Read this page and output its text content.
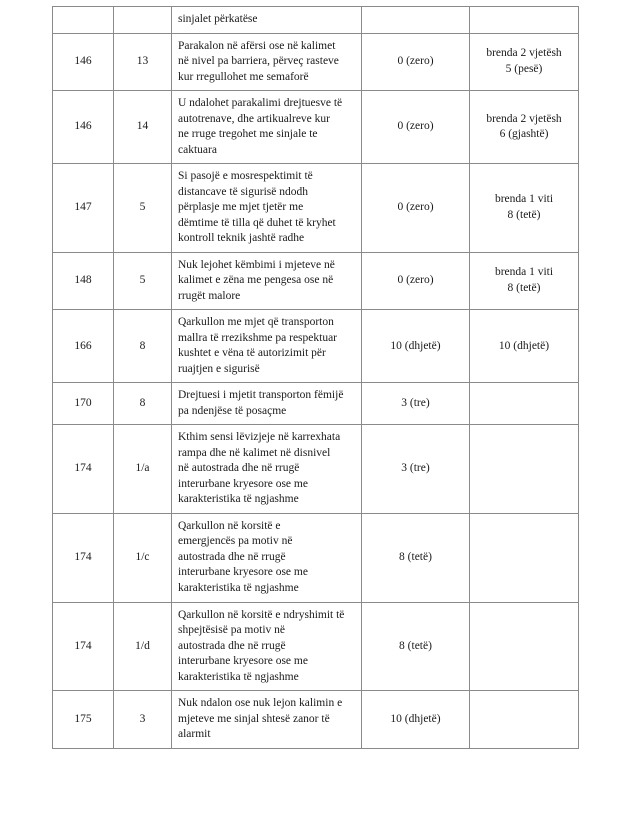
		sinjalet përkatëse		

146	13	Parakalon në afërsi ose në kalimet
në nivel pa barriera, përveç rasteve
kur rregullohet me semaforë	0 (zero)	brenda 2 vjetësh
5 (pesë)

146	14	U ndalohet parakalimi drejtuesve të
autotrenave, dhe artikualreve kur
ne rruge tregohet me sinjale te
caktuara	0 (zero)	brenda 2 vjetësh
6 (gjashtë)

147	5	Si pasojë e mosrespektimit të
distancave të sigurisë ndodh
përplasje me mjet tjetër me
dëmtime të tilla që duhet të kryhet
kontroll teknik jashtë radhe	0 (zero)	brenda 1 viti
8 (tetë)

148	5	Nuk lejohet këmbimi i mjeteve në
kalimet e zëna me pengesa ose në
rrugët malore	0 (zero)	brenda 1 viti
8 (tetë)

166	8	Qarkullon me mjet që transporton
mallra të rrezikshme pa respektuar
kushtet e vëna të autorizimit për
ruajtjen e sigurisë	10 (dhjetë)	10 (dhjetë)

170	8	Drejtuesi i mjetit transporton fëmijë
pa ndenjëse të posaçme	3 (tre)	
174	1/a	Kthim sensi lëvizjeje në karrexhata
rampa dhe në kalimet në disnivel
në autostrada dhe në rrugë
interurbane kryesore ose me
karakteristika të ngjashme	3 (tre)	
174	1/c	Qarkullon në korsitë e
emergjencës pa motiv në
autostrada dhe në rrugë
interurbane kryesore ose me
karakteristika të ngjashme	8 (tetë)	
174	1/d	Qarkullon në korsitë e ndryshimit të
shpejtësisë pa motiv në
autostrada dhe në rrugë
interurbane kryesore ose me
karakteristika të ngjashme	8 (tetë)	
175	3	Nuk ndalon ose nuk lejon kalimin e
mjeteve me sinjal shtesë zanor të
alarmit	10 (dhjetë)	
